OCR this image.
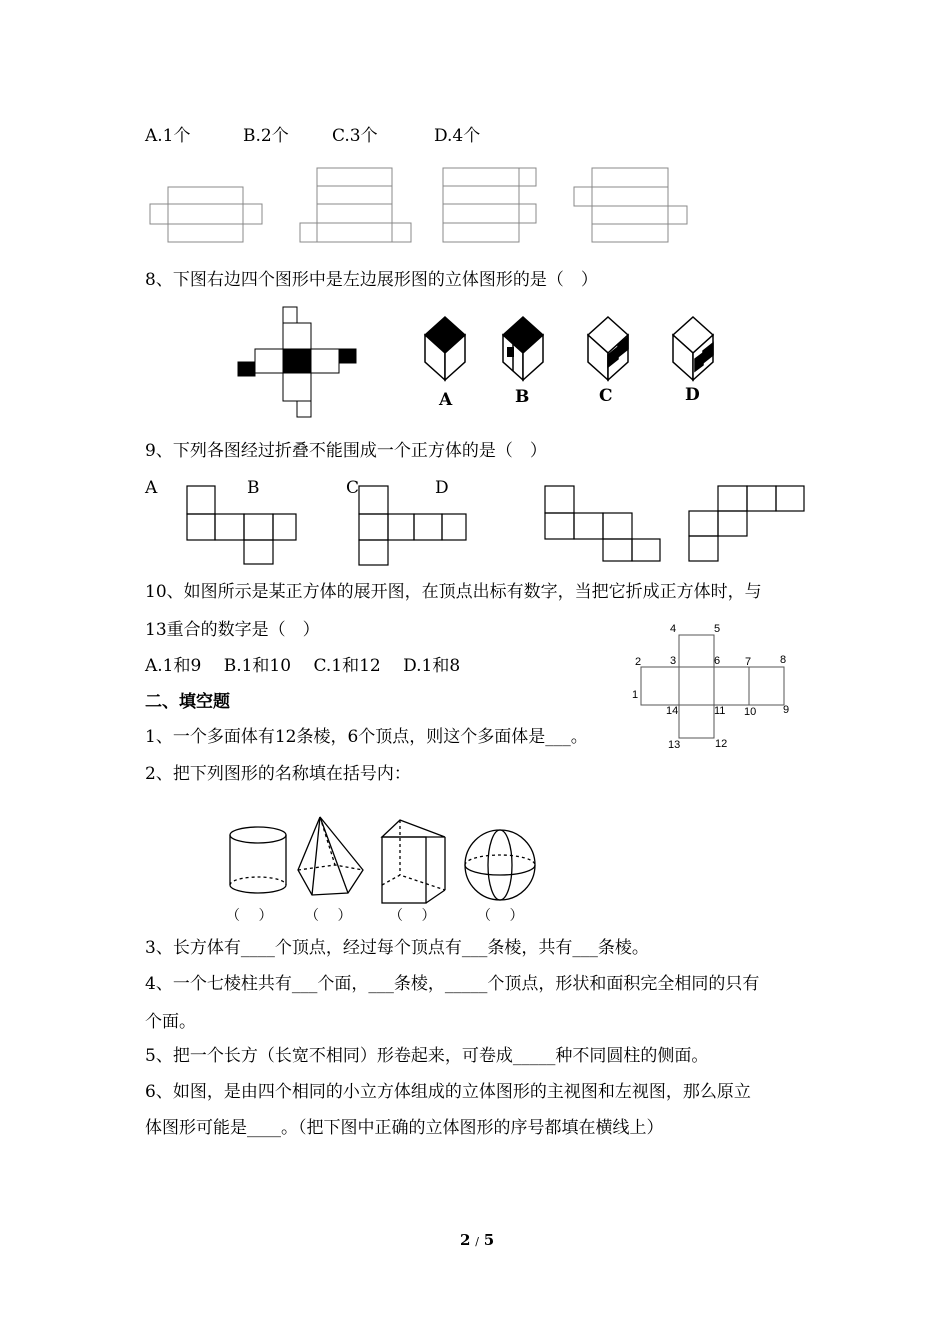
A.1个	B.2个	C.3个	D.4个
8、下图右边四个图形中是左边展形图的立体图形的是（　）
A	B	C	D
9、下列各图经过折叠不能围成一个正方体的是（　）
A	B	C	D
10、如图所示是某正方体的展开图，在顶点出标有数字，当把它折成正方体时，与
13重合的数字是（　）
A.1和9　 B.1和10　 C.1和12　 D.1和8
4	5
2	3	6 7	8
1
14	11 10 9
13	12
二、填空题
1、一个多面体有12条棱，6个顶点，则这个多面体是___。
2、把下列图形的名称填在括号内：
（　 ） （　 ）	（　 ）	（　 ）
3、长方体有____个顶点，经过每个顶点有___条棱，共有___条棱。
4、一个七棱柱共有___个面，___条棱，_____个顶点，形状和面积完全相同的只有
个面。
5、把一个长方（长宽不相同）形卷起来，可卷成_____种不同圆柱的侧面。
6、如图，是由四个相同的小立方体组成的立体图形的主视图和左视图，那么原立
体图形可能是____。（把下图中正确的立体图形的序号都填在横线上）
2 / 5
